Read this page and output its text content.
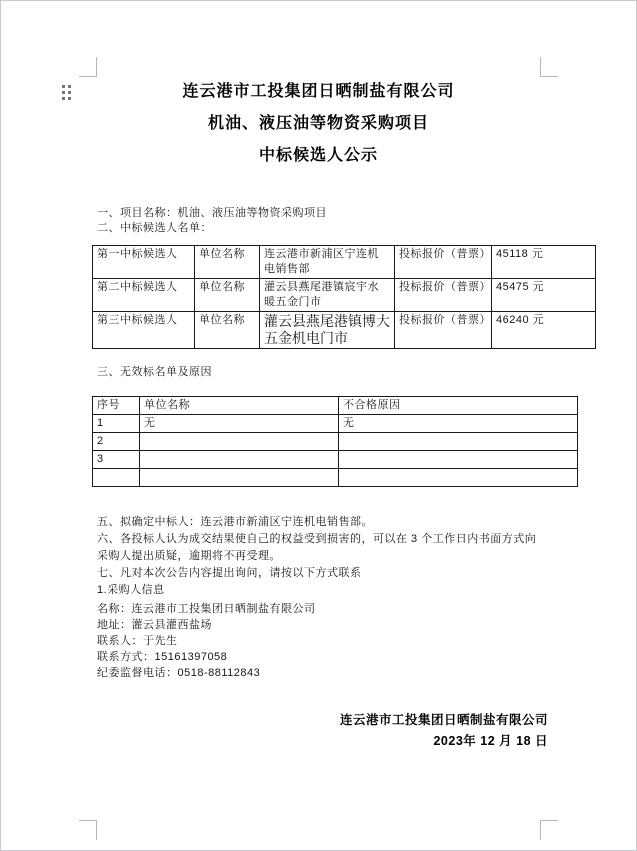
连云港市工投集团日晒制盐有限公司
机油、液压油等物资采购项目
中标候选人公示

一、项目名称：机油、液压油等物资采购项目

二、中标候选人名单：

第一中标候选人	单位名称	连云港市新浦区宁连机电销售部	投标报价（普票）	45118 元
第二中标候选人	单位名称	灌云县燕尾港镇宸宇水暖五金门市	投标报价（普票）	45475 元
第三中标候选人	单位名称	灌云县燕尾港镇博大五金机电门市	投标报价（普票）	46240 元
三、无效标名单及原因
序号	单位名称	不合格原因
1	无	无
2		
3		

五、拟确定中标人：连云港市新浦区宁连机电销售部。

六、各投标人认为成交结果使自己的权益受到损害的，可以在 3 个工作日内书面方式向采购人提出质疑，逾期将不再受理。

七、凡对本次公告内容提出询问，请按以下方式联系

1.采购人信息

名称：连云港市工投集团日晒制盐有限公司

地址：灌云县灌西盐场

联系人：于先生

联系方式：15161397058

纪委监督电话：0518-88112843

连云港市工投集团日晒制盐有限公司

2023年 12 月 18 日
